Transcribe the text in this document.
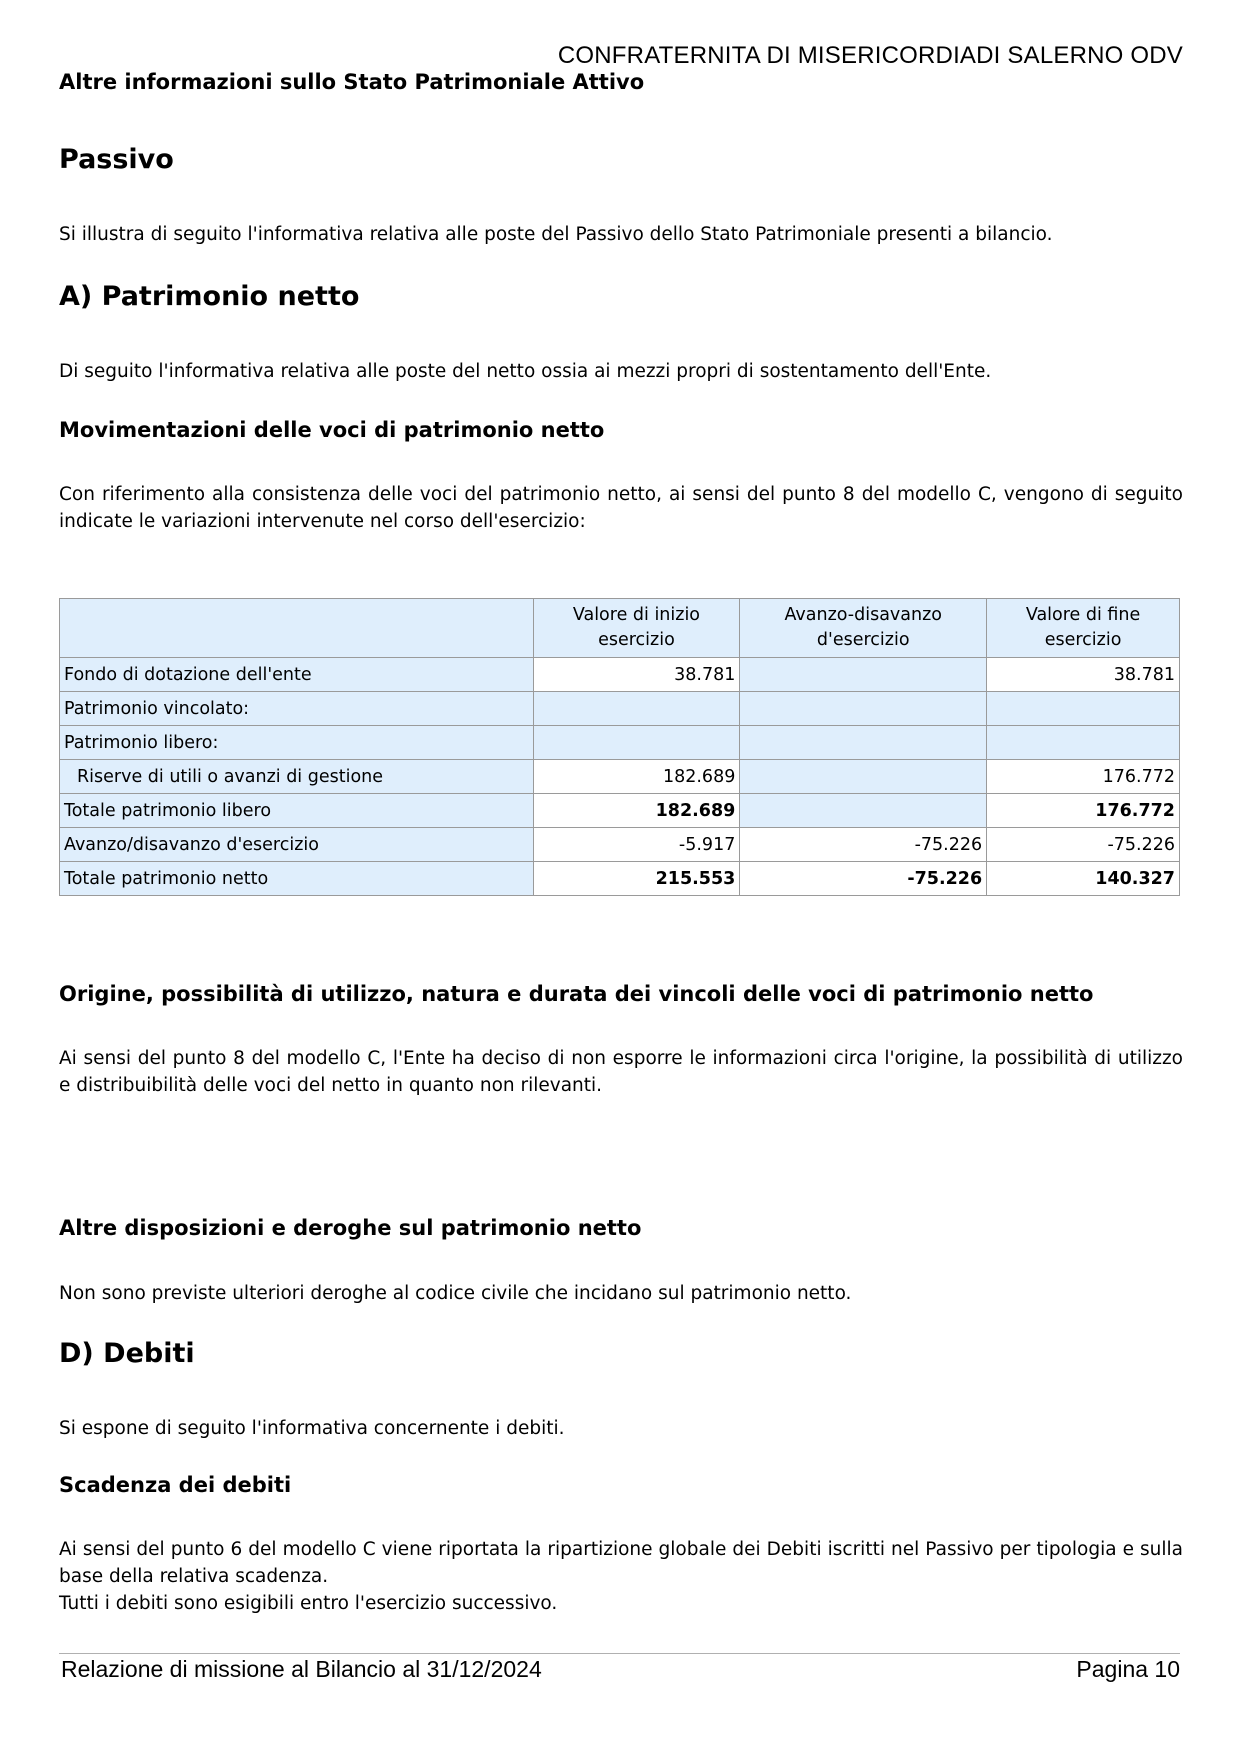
CONFRATERNITA DI MISERICORDIADI SALERNO ODV
Altre informazioni sullo Stato Patrimoniale Attivo
Passivo

Si illustra di seguito l'informativa relativa alle poste del Passivo dello Stato Patrimoniale presenti a bilancio.

A) Patrimonio netto

Di seguito l'informativa relativa alle poste del netto ossia ai mezzi propri di sostentamento dell'Ente.

Movimentazioni delle voci di patrimonio netto

Con riferimento alla consistenza delle voci del patrimonio netto, ai sensi del punto 8 del modello C, vengono di seguito indicate le variazioni intervenute nel corso dell'esercizio:

	Valore di inizio esercizio	Avanzo-disavanzo d'esercizio	Valore di fine esercizio
Fondo di dotazione dell'ente	38.781		38.781
Patrimonio vincolato:			
Patrimonio libero:			
Riserve di utili o avanzi di gestione	182.689		176.772
Totale patrimonio libero	182.689		176.772
Avanzo/disavanzo d'esercizio	-5.917	-75.226	-75.226
Totale patrimonio netto	215.553	-75.226	140.327
Origine, possibilità di utilizzo, natura e durata dei vincoli delle voci di patrimonio netto

Ai sensi del punto 8 del modello C, l'Ente ha deciso di non esporre le informazioni circa l'origine, la possibilità di utilizzo e distribuibilità delle voci del netto in quanto non rilevanti.

Altre disposizioni e deroghe sul patrimonio netto

Non sono previste ulteriori deroghe al codice civile che incidano sul patrimonio netto.

D) Debiti

Si espone di seguito l'informativa concernente i debiti.

Scadenza dei debiti

Ai sensi del punto 6 del modello C viene riportata la ripartizione globale dei Debiti iscritti nel Passivo per tipologia e sulla base della relativa scadenza.

Tutti i debiti sono esigibili entro l'esercizio successivo.

Relazione di missione al Bilancio al 31/12/2024	Pagina 10
